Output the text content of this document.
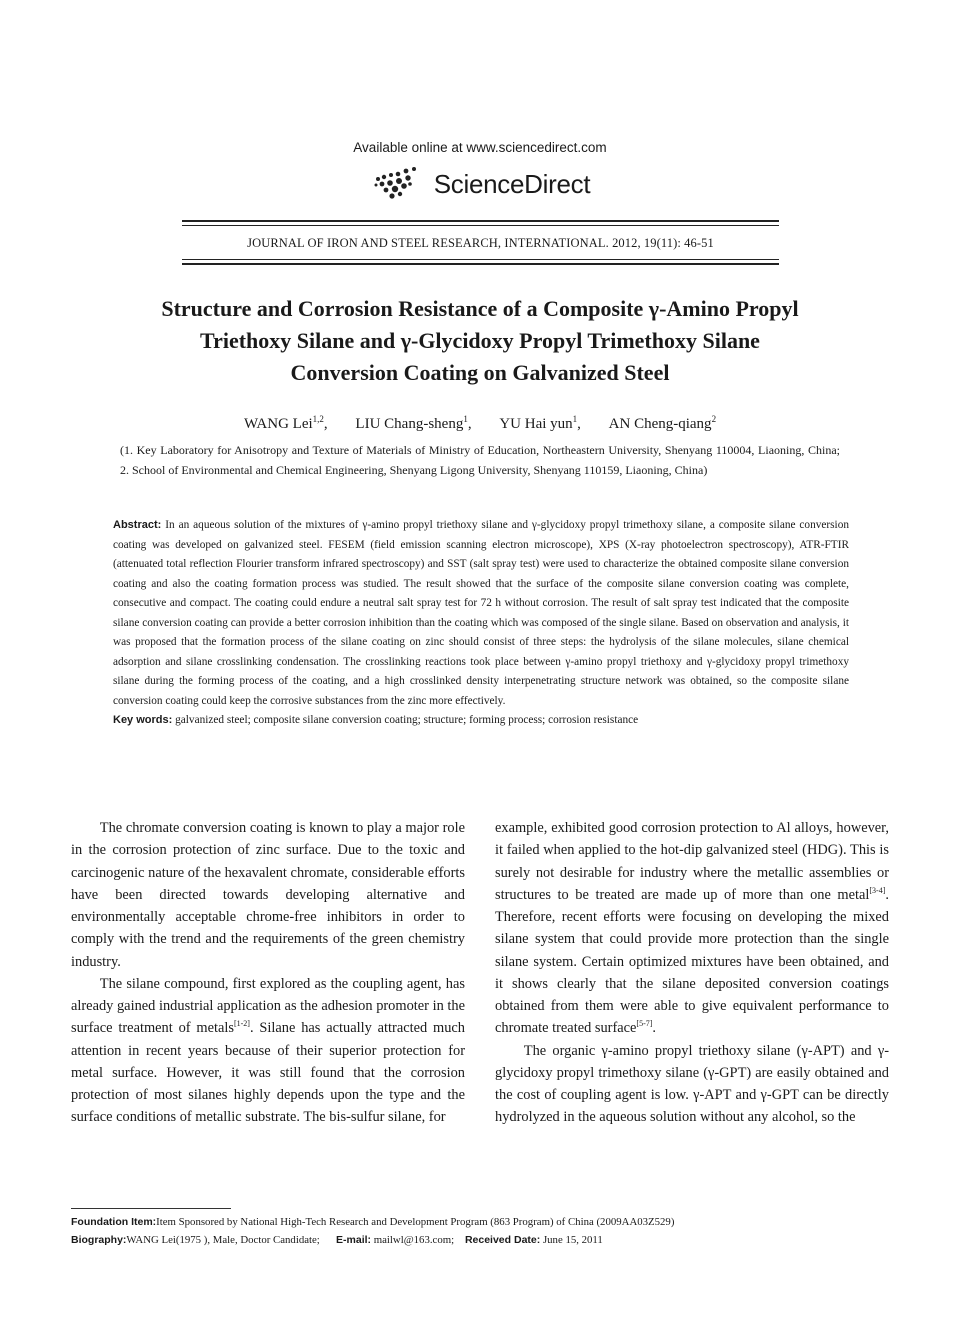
Available online at www.sciencedirect.com
ScienceDirect
JOURNAL OF IRON AND STEEL RESEARCH, INTERNATIONAL. 2012, 19(11): 46-51
Structure and Corrosion Resistance of a Composite γ-Amino Propyl
Triethoxy Silane and γ-Glycidoxy Propyl Trimethoxy Silane
Conversion Coating on Galvanized Steel
WANG Lei$^{1,2}$, LIU Chang-sheng$^1$, YU Hai yun$^1$, AN Cheng-qiang$^2$
(1. Key Laboratory for Anisotropy and Texture of Materials of Ministry of Education, Northeastern University, Shenyang 110004, Liaoning, China; 2. School of Environmental and Chemical Engineering, Shenyang Ligong University, Shenyang 110159, Liaoning, China)
Abstract: In an aqueous solution of the mixtures of γ-amino propyl triethoxy silane and γ-glycidoxy propyl trimethoxy silane, a composite silane conversion coating was developed on galvanized steel. FESEM (field emission scanning electron microscope), XPS (X-ray photoelectron spectroscopy), ATR-FTIR (attenuated total reflection Flourier transform infrared spectroscopy) and SST (salt spray test) were used to characterize the obtained composite silane conversion coating and also the coating formation process was studied. The result showed that the surface of the composite silane conversion coating was complete, consecutive and compact. The coating could endure a neutral salt spray test for 72 h without corrosion. The result of salt spray test indicated that the composite silane conversion coating can provide a better corrosion inhibition than the coating which was composed of the single silane. Based on observation and analysis, it was proposed that the formation process of the silane coating on zinc should consist of three steps: the hydrolysis of the silane molecules, silane chemical adsorption and silane crosslinking condensation. The crosslinking reactions took place between γ-amino propyl triethoxy and γ-glycidoxy propyl trimethoxy silane during the forming process of the coating, and a high crosslinked density interpenetrating structure network was obtained, so the composite silane conversion coating could keep the corrosive substances from the zinc more effectively.
Key words: galvanized steel; composite silane conversion coating; structure; forming process; corrosion resistance

The chromate conversion coating is known to play a major role in the corrosion protection of zinc surface. Due to the toxic and carcinogenic nature of the hexavalent chromate, considerable efforts have been directed towards developing alternative and environmentally acceptable chrome-free inhibitors in order to comply with the trend and the requirements of the green chemistry industry.

The silane compound, first explored as the coupling agent, has already gained industrial application as the adhesion promoter in the surface treatment of metals[1-2]. Silane has actually attracted much attention in recent years because of their superior protection for metal surface. However, it was still found that the corrosion protection of most silanes highly depends upon the type and the surface conditions of metallic substrate. The bis-sulfur silane, for

example, exhibited good corrosion protection to Al alloys, however, it failed when applied to the hot-dip galvanized steel (HDG). This is surely not desirable for industry where the metallic assemblies or structures to be treated are made up of more than one metal[3-4]. Therefore, recent efforts were focusing on developing the mixed silane system that could provide more protection than the single silane system. Certain optimized mixtures have been obtained, and it shows clearly that the silane deposited conversion coatings obtained from them were able to give equivalent performance to chromate treated surface[5-7].

The organic γ-amino propyl triethoxy silane (γ-APT) and γ-glycidoxy propyl trimethoxy silane (γ-GPT) are easily obtained and the cost of coupling agent is low. γ-APT and γ-GPT can be directly hydrolyzed in the aqueous solution without any alcohol, so the

Foundation Item:Item Sponsored by National High-Tech Research and Development Program (863 Program) of China (2009AA03Z529)
Biography:WANG Lei(1975 ), Male, Doctor Candidate; E-mail: mailwl@163.com; Received Date: June 15, 2011
